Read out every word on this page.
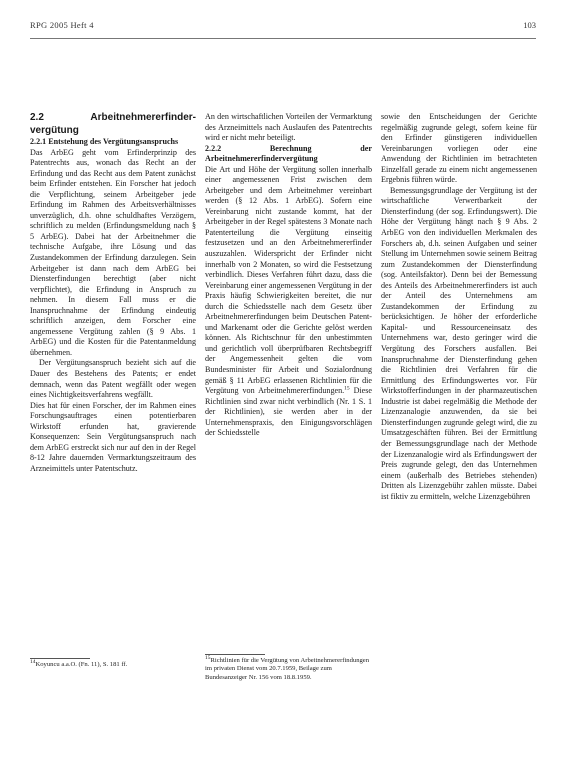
RPG 2005 Heft 4	103

2.2 Arbeitnehmererfinder-vergütung

2.2.1 Entstehung des Vergütungsanspruchs

Das ArbEG geht vom Erfinderprinzip des Patentrechts aus, wonach das Recht an der Erfindung und das Recht aus dem Patent zunächst beim Erfinder entstehen. Ein Forscher hat jedoch die Verpflichtung, seinem Arbeitgeber jede Erfindung im Rahmen des Arbeitsverhältnisses unverzüglich, d.h. ohne schuldhaftes Verzögern, schriftlich zu melden (Erfindungsmeldung nach § 5 ArbEG). Dabei hat der Arbeitnehmer die technische Aufgabe, ihre Lösung und das Zustandekommen der Erfindung darzulegen. Sein Arbeitgeber ist dann nach dem ArbEG bei Diensterfindungen berechtigt (aber nicht verpflichtet), die Erfindung in Anspruch zu nehmen. In diesem Fall muss er die Inanspruchnahme der Erfindung eindeutig schriftlich anzeigen, dem Forscher eine angemessene Vergütung zahlen (§ 9 Abs. 1 ArbEG) und die Kosten für die Patentanmeldung übernehmen.

Der Vergütungsanspruch bezieht sich auf die Dauer des Bestehens des Patents; er endet demnach, wenn das Patent wegfällt oder wegen eines Nichtigkeitsverfahrens wegfällt.

Dies hat für einen Forscher, der im Rahmen eines Forschungsauftrages einen potentierbaren Wirkstoff erfunden hat, gravierende Konsequenzen: Sein Vergütungsanspruch nach dem ArbEG erstreckt sich nur auf den in der Regel 8-12 Jahre dauernden Vermarktungszeitraum des Arzneimittels unter Patentschutz.

An den wirtschaftlichen Vorteilen der Vermarktung des Arzneimittels nach Auslaufen des Patentrechts wird er nicht mehr beteiligt.

2.2.2 Berechnung der Arbeitnehmererfindervergütung

Die Art und Höhe der Vergütung sollen innerhalb einer angemessenen Frist zwischen dem Arbeitgeber und dem Arbeitnehmer vereinbart werden (§ 12 Abs. 1 ArbEG). Sofern eine Vereinbarung nicht zustande kommt, hat der Arbeitgeber in der Regel spätestens 3 Monate nach Patenterteilung die Vergütung einseitig festzusetzen und an den Arbeitnehmererfinder auszuzahlen. Widerspricht der Erfinder nicht innerhalb von 2 Monaten, so wird die Festsetzung verbindlich. Dieses Verfahren führt dazu, dass die Vereinbarung einer angemessenen Vergütung in der Praxis häufig Schwierigkeiten bereitet, die nur durch die Schiedsstelle nach dem Gesetz über Arbeitnehmererfindungen beim Deutschen Patent- und Markenamt oder die Gerichte gelöst werden können. Als Richtschnur für den unbestimmten und gerichtlich voll überprüfbaren Rechtsbegriff der Angemessenheit gelten die vom Bundesminister für Arbeit und Sozialordnung gemäß § 11 ArbEG erlassenen Richtlinien für die Vergütung von Arbeitnehmererfindungen.$^{15}$ Diese Richtlinien sind zwar nicht verbindlich (Nr. 1 S. 1 der Richtlinien), sie werden aber in der Unternehmenspraxis, den Einigungsvorschlägen der Schiedsstelle

sowie den Entscheidungen der Gerichte regelmäßig zugrunde gelegt, sofern keine für den Erfinder günstigeren individuellen Vereinbarungen vorliegen oder eine Anwendung der Richtlinien im betrachteten Einzelfall gerade zu einem nicht angemessenen Ergebnis führen würde.

Bemessungsgrundlage der Vergütung ist der wirtschaftliche Verwertbarkeit der Diensterfindung (der sog. Erfindungswert). Die Höhe der Vergütung hängt nach § 9 Abs. 2 ArbEG von den individuellen Merkmalen des Forschers ab, d.h. seinen Aufgaben und seiner Stellung im Unternehmen sowie seinem Beitrag zum Zustandekommen der Diensterfindung (sog. Anteilsfaktor). Denn bei der Bemessung des Anteils des Arbeitnehmererfinders ist auch der Anteil des Unternehmens am Zustandekommen der Erfindung zu berücksichtigen. Je höher der erforderliche Kapital- und Ressourceneinsatz des Unternehmens war, desto geringer wird die Vergütung des Forschers ausfallen. Bei Inanspruchnahme der Diensterfindung gehen die Richtlinien drei Verfahren für die Ermittlung des Erfindungswertes vor. Für Wirkstofferfindungen in der pharmazeutischen Industrie ist dabei regelmäßig die Methode der Lizenzanalogie anzuwenden, da sie bei Diensterfindungen zugrunde gelegt wird, die zu Umsatzgeschäften führen. Bei der Ermittlung der Bemessungsgrundlage nach der Methode der Lizenzanalogie wird als Erfindungswert der Preis zugrunde gelegt, den das Unternehmen einem (außerhalb des Betriebes stehenden) Dritten als Lizenzgebühr zahlen müsste. Dabei ist fiktiv zu ermitteln, welche Lizenzgebühren

$^{14}$Koyuncu a.a.O. (Fn. 11), S. 181 ff.
$^{15}$Richtlinien für die Vergütung von Arbeitnehmererfindungen im privaten Dienst vom 20.7.1959, Beilage zum Bundesanzeiger Nr. 156 vom 18.8.1959.
